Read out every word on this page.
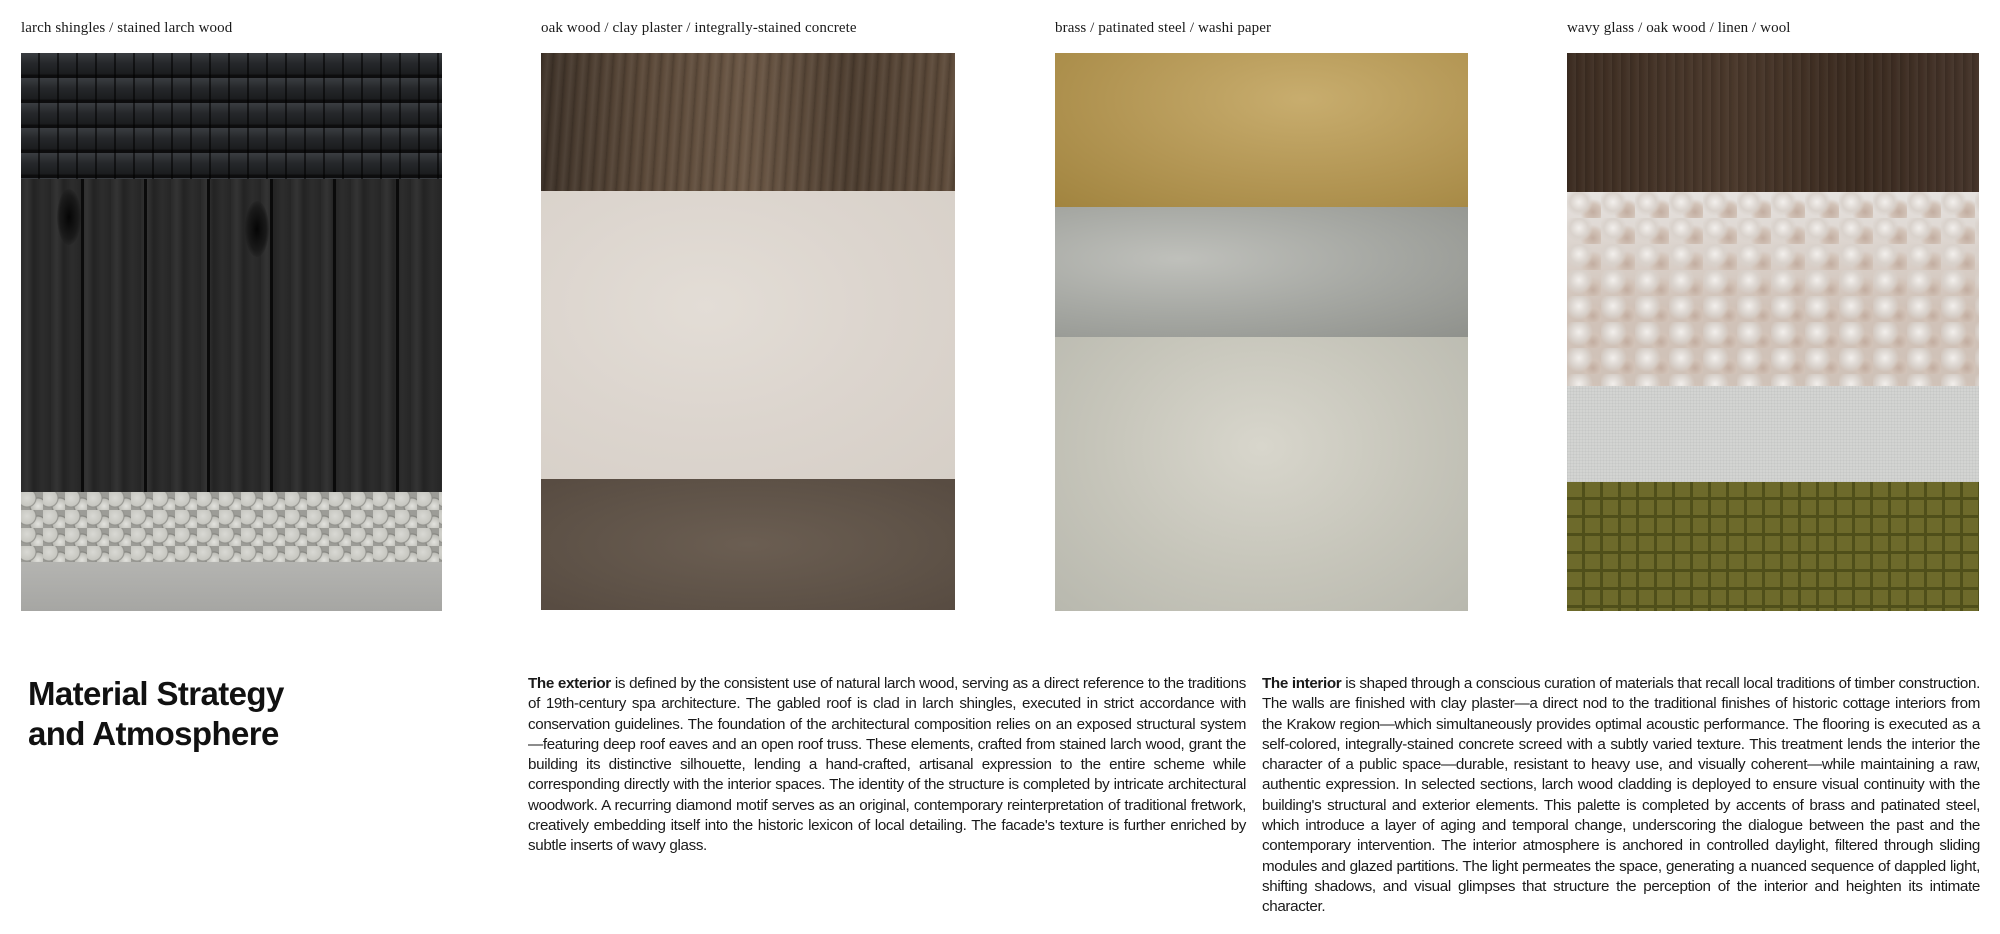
larch shingles / stained larch wood	oak wood / clay plaster / integrally-stained concrete	brass / patinated steel / washi paper	wavy glass / oak wood / linen / wool
Material Strategy
and Atmosphere

The exterior is defined by the consistent use of natural larch wood, serving as a direct reference to the traditions of 19th-century spa architecture. The gabled roof is clad in larch shingles, executed in strict accordance with conservation guidelines. The foundation of the architectural composition relies on an exposed structural system—featuring deep roof eaves and an open roof truss. These elements, crafted from stained larch wood, grant the building its distinctive silhouette, lending a hand-crafted, artisanal expression to the entire scheme while corresponding directly with the interior spaces. The identity of the structure is completed by intricate architectural woodwork. A recurring diamond motif serves as an original, contemporary reinterpretation of traditional fretwork, creatively embedding itself into the historic lexicon of local detailing. The facade's texture is further enriched by subtle inserts of wavy glass.

The interior is shaped through a conscious curation of materials that recall local traditions of timber construction. The walls are finished with clay plaster—a direct nod to the traditional finishes of historic cottage interiors from the Krakow region—which simultaneously provides optimal acoustic performance. The flooring is executed as a self-colored, integrally-stained concrete screed with a subtly varied texture. This treatment lends the interior the character of a public space—durable, resistant to heavy use, and visually coherent—while maintaining a raw, authentic expression. In selected sections, larch wood cladding is deployed to ensure visual continuity with the building's structural and exterior elements. This palette is completed by accents of brass and patinated steel, which introduce a layer of aging and temporal change, underscoring the dialogue between the past and the contemporary intervention. The interior atmosphere is anchored in controlled daylight, filtered through sliding modules and glazed partitions. The light permeates the space, generating a nuanced sequence of dappled light, shifting shadows, and visual glimpses that structure the perception of the interior and heighten its intimate character.
